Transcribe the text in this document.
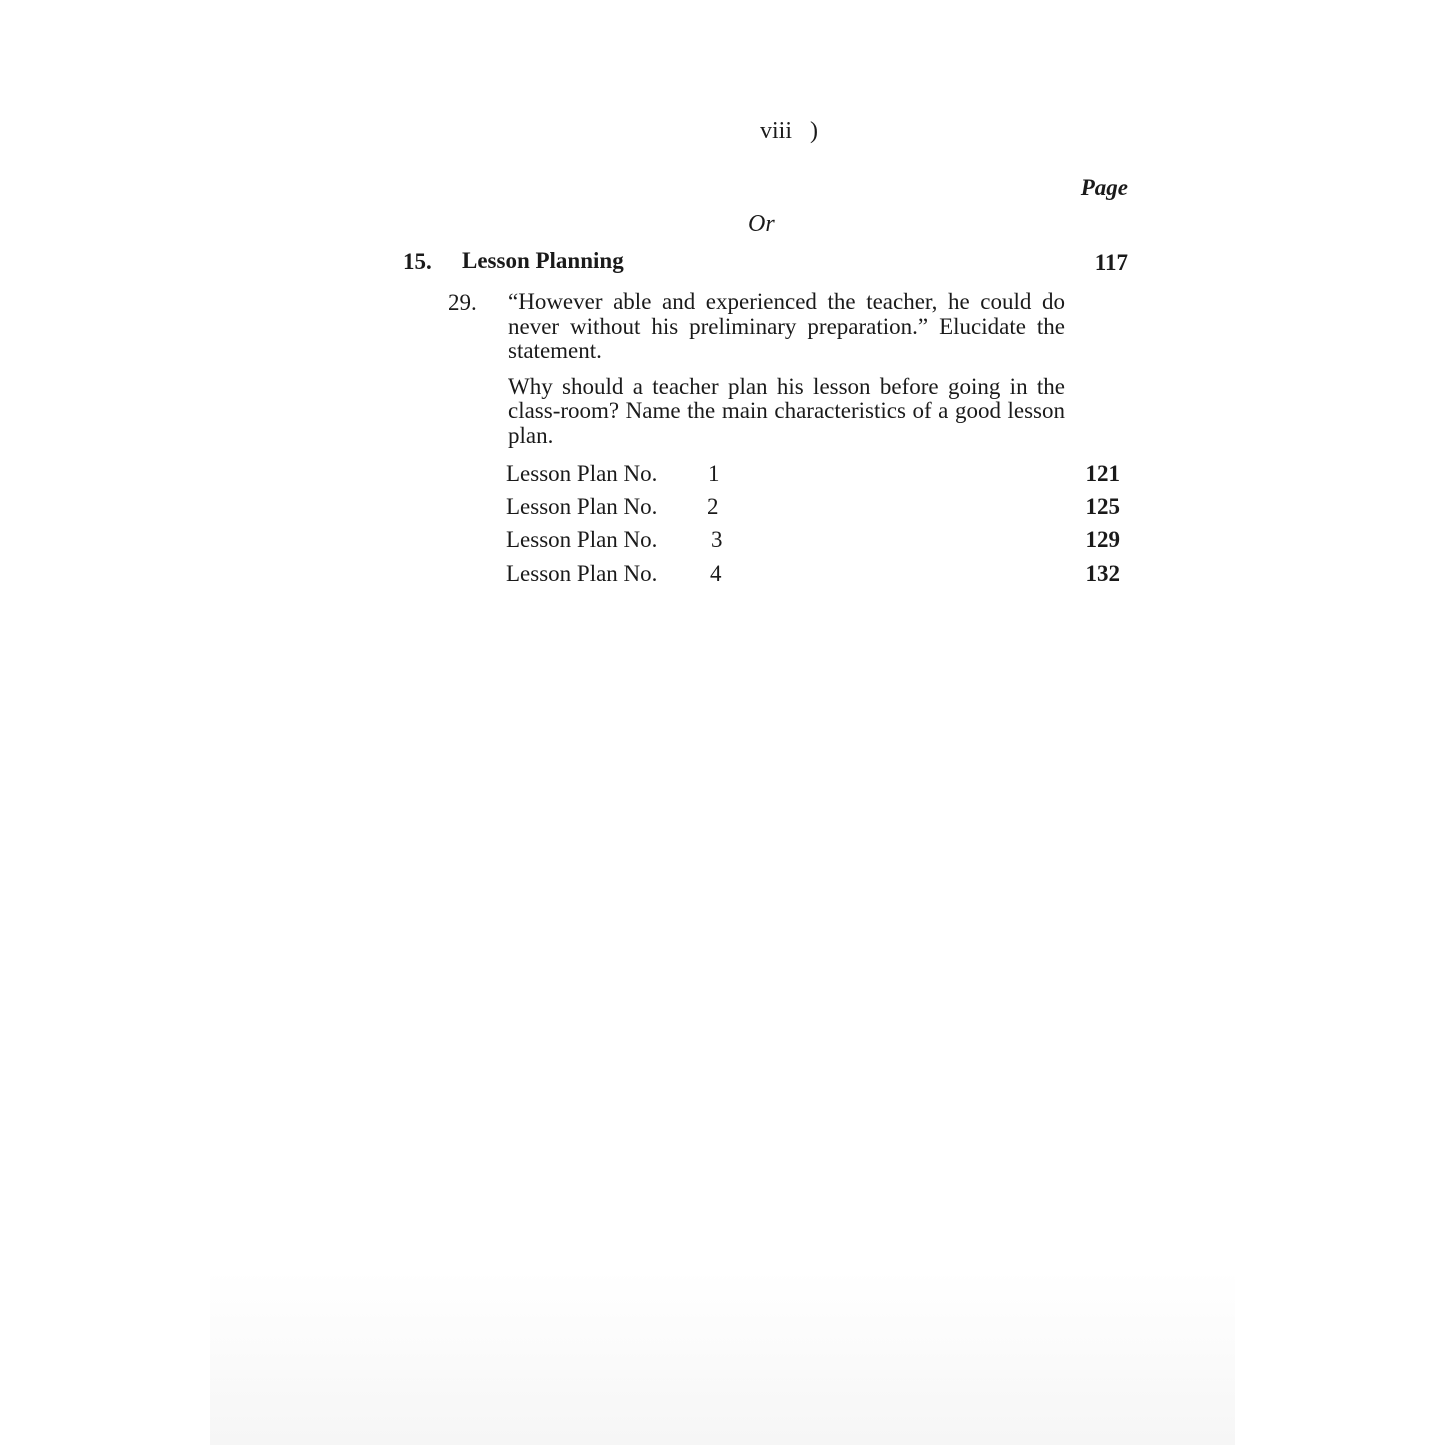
viii )
Page
Or
15. Lesson Planning	117
29. “However able and experienced the teacher, he could do never without his preliminary preparation.” Elucidate the statement.

Why should a teacher plan his lesson before going in the class-room? Name the main characteristics of a good lesson plan.

Lesson Plan No. 1	121
Lesson Plan No. 2	125
Lesson Plan No. 3	129
Lesson Plan No. 4	132
